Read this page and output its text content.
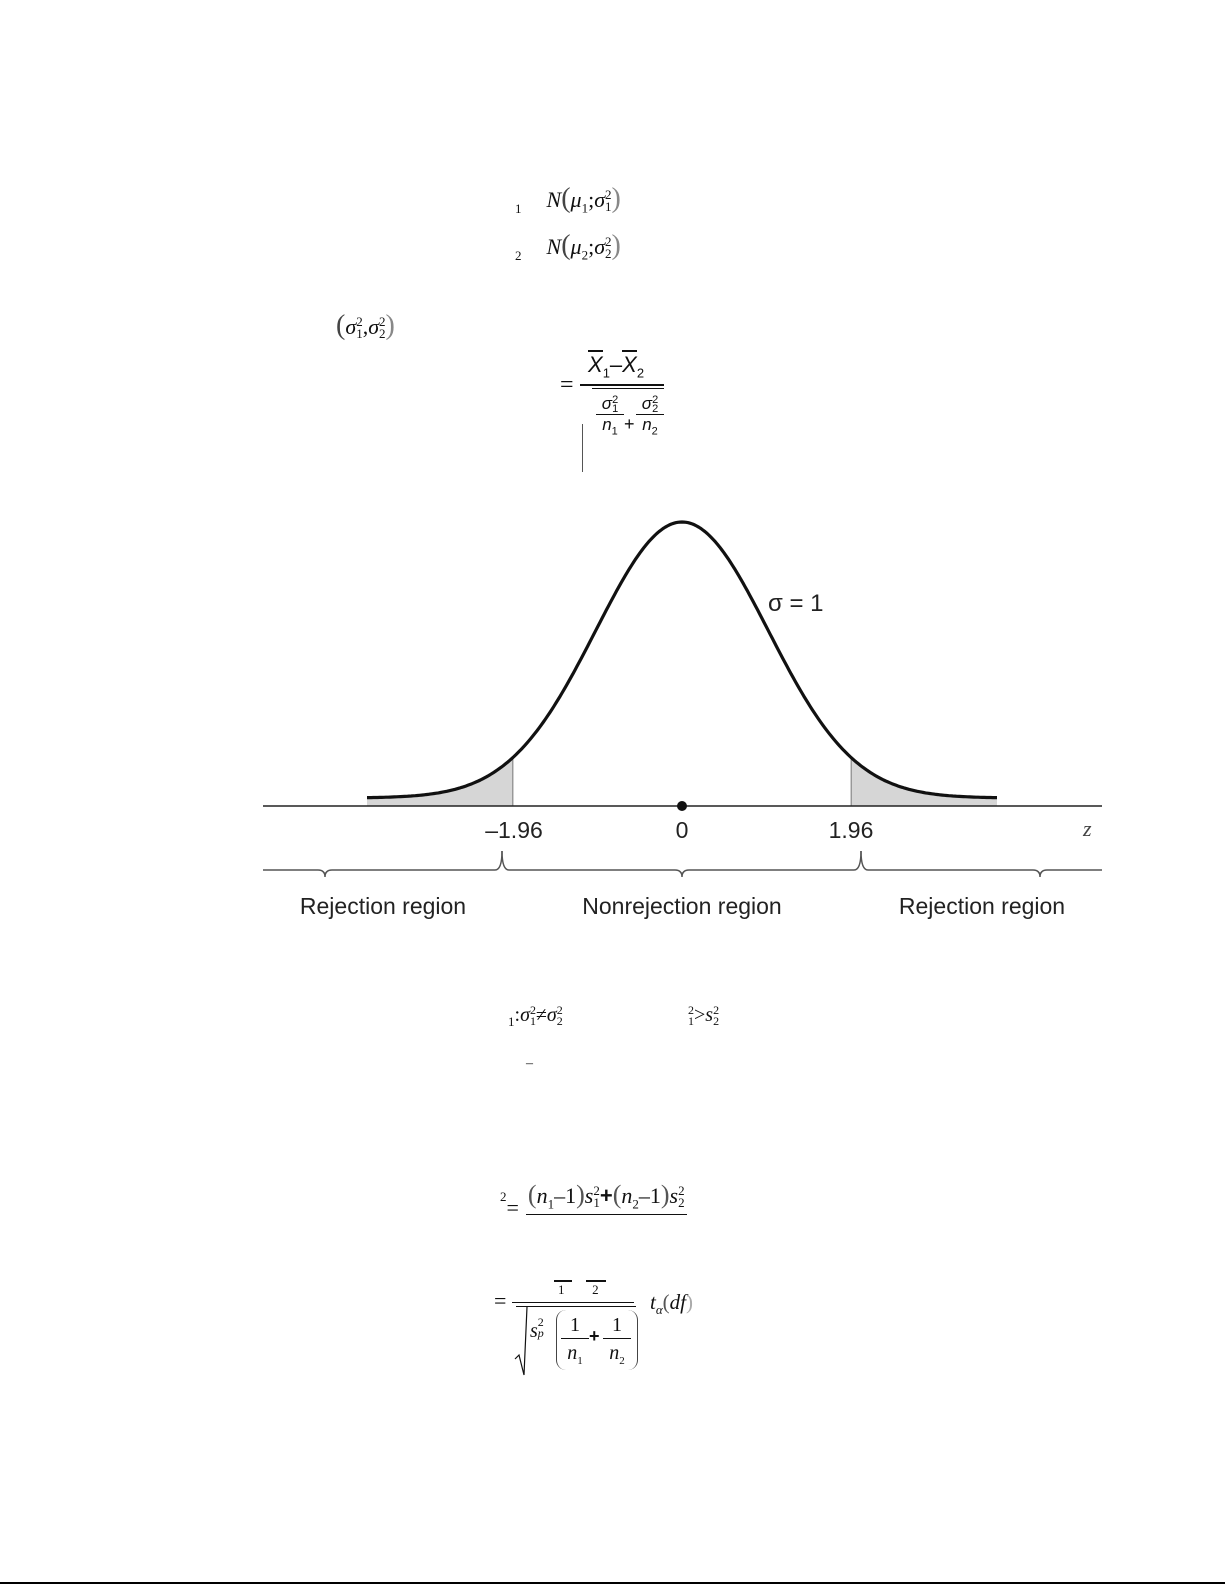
$_1$ $N(\mu_1;\sigma$ 2
1 )
$_2$ $N(\mu_2;\sigma$ 2
2 )
(σ 2
1 ,σ 2
2 )
=
$X_1-X_2$
σ 2
1
$n_1 + \sigma$ 2
2
$n_2$
σ = 1
–1.96	0	1.96	z
Rejection region	Nonrejection region	Rejection region
$_1$:σ 2
1 ≠σ 2
2
2
1 >s 2
2
–
$2= (n_1-1)s$ 2
$1 +(n_2-1)s$ 2
2
=	1 2
s 2
p	1
$n_1$
+ 1
$n_2$
$t_\alpha(df)$
